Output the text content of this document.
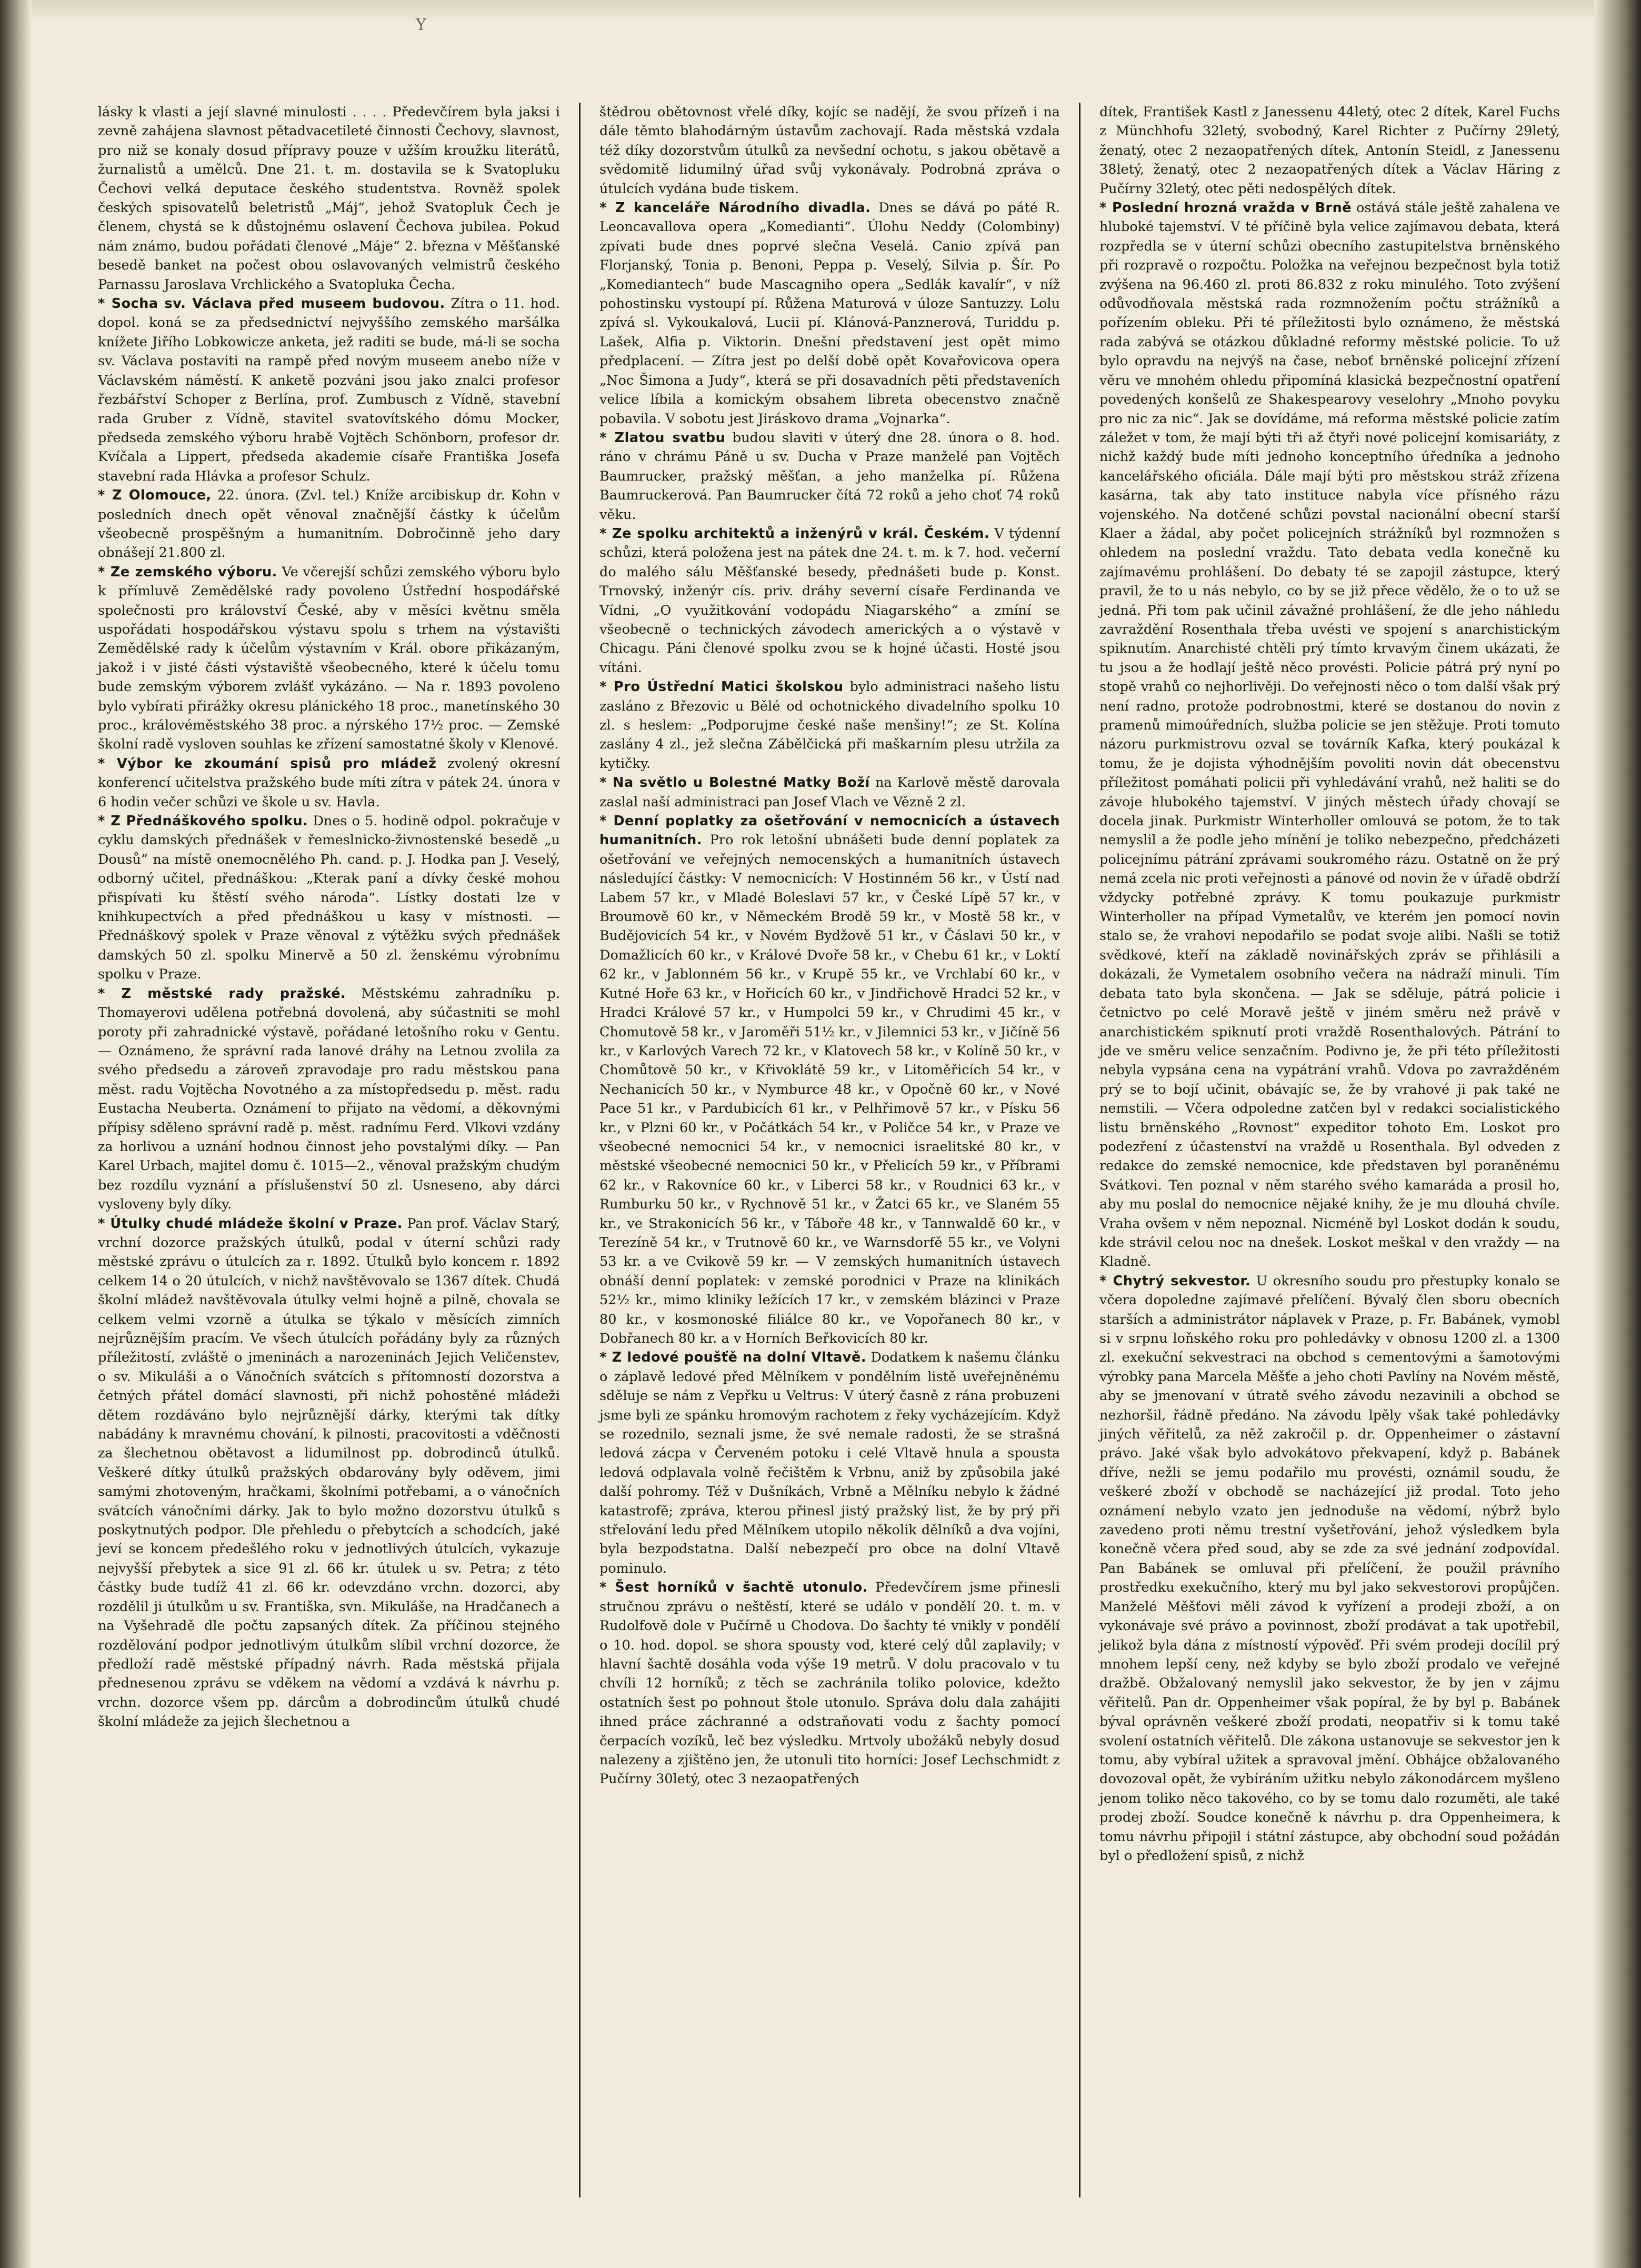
Y

lásky k vlasti a její slavné minulosti . . . . Předevčírem byla jaksi i zevně zahájena slavnost pětadvacetileté činnosti Čechovy, slavnost, pro niž se konaly dosud přípravy pouze v užším kroužku literátů, žurnalistů a umělců. Dne 21. t. m. dostavila se k Svatopluku Čechovi velká deputace českého studentstva. Rovněž spolek českých spisovatelů beletristů „Máj“, jehož Svatopluk Čech je členem, chystá se k důstojnému oslavení Čechova jubilea. Pokud nám známo, budou pořádati členové „Máje“ 2. března v Měšťanské besedě banket na počest obou oslavovaných velmistrů českého Parnassu Jaroslava Vrchlického a Svatopluka Čecha.

* Socha sv. Václava před museem budovou. Zítra o 11. hod. dopol. koná se za předsednictví nejvyššího zemského maršálka knížete Jiřího Lobkowicze anketa, jež raditi se bude, má-li se socha sv. Václava postaviti na rampě před novým museem anebo níže v Václavském náměstí. K anketě pozváni jsou jako znalci profesor řezbářství Schoper z Berlína, prof. Zumbusch z Vídně, stavební rada Gruber z Vídně, stavitel svatovítského dómu Mocker, předseda zemského výboru hrabě Vojtěch Schönborn, profesor dr. Kvíčala a Lippert, předseda akademie císaře Františka Josefa stavební rada Hlávka a profesor Schulz.

* Z Olomouce, 22. února. (Zvl. tel.) Kníže arcibiskup dr. Kohn v posledních dnech opět věnoval značnější částky k účelům všeobecně prospěšným a humanitním. Dobročinně jeho dary obnášejí 21.800 zl.

* Ze zemského výboru. Ve včerejší schůzi zemského výboru bylo k přímluvě Zemědělské rady povoleno Ústřední hospodářské společnosti pro království České, aby v měsíci květnu směla uspořádati hospodářskou výstavu spolu s trhem na výstavišti Zemědělské rady k účelům výstavním v Král. obore přikázaným, jakož i v jisté části výstaviště všeobecného, které k účelu tomu bude zemským výborem zvlášť vykázáno. — Na r. 1893 povoleno bylo vybírati přirážky okresu plánického 18 proc., manetínského 30 proc., královéměstského 38 proc. a nýrského 17½ proc. — Zemské školní radě vysloven souhlas ke zřízení samostatné školy v Klenové.

* Výbor ke zkoumání spisů pro mládež zvolený okresní konferencí učitelstva pražského bude míti zítra v pátek 24. února v 6 hodin večer schůzi ve škole u sv. Havla.

* Z Přednáškového spolku. Dnes o 5. hodině odpol. pokračuje v cyklu damských přednášek v řemeslnicko-živnostenské besedě „u Dousů“ na místě onemocnělého Ph. cand. p. J. Hodka pan J. Veselý, odborný učitel, přednáškou: „Kterak paní a dívky české mohou přispívati ku štěstí svého národa“. Lístky dostati lze v knihkupectvích a před přednáškou u kasy v místnosti. — Přednáškový spolek v Praze věnoval z výtěžku svých přednášek damských 50 zl. spolku Minervě a 50 zl. ženskému výrobnímu spolku v Praze.

* Z městské rady pražské. Městskému zahradníku p. Thomayerovi udělena potřebná dovolená, aby súčastniti se mohl poroty při zahradnické výstavě, pořádané letošního roku v Gentu. — Oznámeno, že správní rada lanové dráhy na Letnou zvolila za svého předsedu a zároveň zpravodaje pro radu městskou pana měst. radu Vojtěcha Novotného a za místopředsedu p. měst. radu Eustacha Neuberta. Oznámení to přijato na vědomí, a děkovnými přípisy sděleno správní radě p. měst. radnímu Ferd. Vlkovi vzdány za horlivou a uznání hodnou činnost jeho povstalými díky. — Pan Karel Urbach, majitel domu č. 1015—2., věnoval pražským chudým bez rozdílu vyznání a příslušenství 50 zl. Usneseno, aby dárci vysloveny byly díky.

* Útulky chudé mládeže školní v Praze. Pan prof. Václav Starý, vrchní dozorce pražských útulků, podal v úterní schůzi rady městské zprávu o útulcích za r. 1892. Útulků bylo koncem r. 1892 celkem 14 o 20 útulcích, v nichž navštěvovalo se 1367 dítek. Chudá školní mládež navštěvovala útulky velmi hojně a pilně, chovala se celkem velmi vzorně a útulka se týkalo v měsících zimních nejrůznějším pracím. Ve všech útulcích pořádány byly za různých příležitostí, zvláště o jmeninách a narozeninách Jejich Veličenstev, o sv. Mikuláši a o Vánočních svátcích s přítomností dozorstva a četných přátel domácí slavnosti, při nichž pohostěné mládeži dětem rozdáváno bylo nejrůznější dárky, kterými tak dítky nabádány k mravnému chování, k pilnosti, pracovitosti a vděčnosti za šlechetnou obětavost a lidumilnost pp. dobrodinců útulků. Veškeré dítky útulků pražských obdarovány byly oděvem, jimi samými zhotoveným, hračkami, školními potřebami, a o vánočních svátcích vánočními dárky. Jak to bylo možno dozorstvu útulků s poskytnutých podpor. Dle přehledu o přebytcích a schodcích, jaké jeví se koncem předešlého roku v jednotlivých útulcích, vykazuje nejvyšší přebytek a sice 91 zl. 66 kr. útulek u sv. Petra; z této částky bude tudíž 41 zl. 66 kr. odevzdáno vrchn. dozorci, aby rozdělil ji útulkům u sv. Františka, svn. Mikuláše, na Hradčanech a na Vyšehradě dle počtu zapsaných dítek. Za příčinou stejného rozdělování podpor jednotlivým útulkům slíbil vrchní dozorce, že předloží radě městské případný návrh. Rada městská přijala přednesenou zprávu se vděkem na vědomí a vzdává k návrhu p. vrchn. dozorce všem pp. dárcům a dobrodincům útulků chudé školní mládeže za jejich šlechetnou a

štědrou obětovnost vřelé díky, kojíc se nadějí, že svou přízeň i na dále těmto blahodárným ústavům zachovají. Rada městská vzdala též díky dozorstvům útulků za nevšední ochotu, s jakou obětavě a svědomitě lidumilný úřad svůj vykonávaly. Podrobná zpráva o útulcích vydána bude tiskem.

* Z kanceláře Národního divadla. Dnes se dává po páté R. Leoncavallova opera „Komedianti“. Úlohu Neddy (Colombiny) zpívati bude dnes poprvé slečna Veselá. Canio zpívá pan Florjanský, Tonia p. Benoni, Peppa p. Veselý, Silvia p. Šír. Po „Komediantech“ bude Mascagniho opera „Sedlák kavalír“, v níž pohostinsku vystoupí pí. Růžena Maturová v úloze Santuzzy. Lolu zpívá sl. Vykoukalová, Lucii pí. Klánová-Panznerová, Turiddu p. Lašek, Alfia p. Viktorin. Dnešní představení jest opět mimo předplacení. — Zítra jest po delší době opět Kovařovicova opera „Noc Šimona a Judy“, která se při dosavadních pěti představeních velice líbila a komickým obsahem libreta obecenstvo značně pobavila. V sobotu jest Jiráskovo drama „Vojnarka“.

* Zlatou svatbu budou slaviti v úterý dne 28. února o 8. hod. ráno v chrámu Páně u sv. Ducha v Praze manželé pan Vojtěch Baumrucker, pražský měšťan, a jeho manželka pí. Růžena Baumruckerová. Pan Baumrucker čítá 72 roků a jeho choť 74 roků věku.

* Ze spolku architektů a inženýrů v král. Českém. V týdenní schůzi, která položena jest na pátek dne 24. t. m. k 7. hod. večerní do malého sálu Měšťanské besedy, přednášeti bude p. Konst. Trnovský, inženýr cís. priv. dráhy severní císaře Ferdinanda ve Vídni, „O využitkování vodopádu Niagarského“ a zmíní se všeobecně o technických závodech amerických a o výstavě v Chicagu. Páni členové spolku zvou se k hojné účasti. Hosté jsou vítáni.

* Pro Ústřední Matici školskou bylo administraci našeho listu zasláno z Březovic u Bělé od ochotnického divadelního spolku 10 zl. s heslem: „Podporujme české naše menšiny!“; ze St. Kolína zaslány 4 zl., jež slečna Zábělčická při maškarním plesu utržila za kytičky.

* Na světlo u Bolestné Matky Boží na Karlově městě darovala zaslal naší administraci pan Josef Vlach ve Vězně 2 zl.

* Denní poplatky za ošetřování v nemocnicích a ústavech humanitních. Pro rok letošní ubnášeti bude denní poplatek za ošetřování ve veřejných nemocenských a humanitních ústavech následující částky: V nemocnicích: V Hostinném 56 kr., v Ústí nad Labem 57 kr., v Mladé Boleslavi 57 kr., v České Lípě 57 kr., v Broumově 60 kr., v Německém Brodě 59 kr., v Mostě 58 kr., v Budějovicích 54 kr., v Novém Bydžově 51 kr., v Čáslavi 50 kr., v Domažlicích 60 kr., v Králové Dvoře 58 kr., v Chebu 61 kr., v Loktí 62 kr., v Jablonném 56 kr., v Krupě 55 kr., ve Vrchlabí 60 kr., v Kutné Hoře 63 kr., v Hořicích 60 kr., v Jindřichově Hradci 52 kr., v Hradci Králové 57 kr., v Humpolci 59 kr., v Chrudimi 45 kr., v Chomutově 58 kr., v Jaroměři 51½ kr., v Jilemnici 53 kr., v Jičíně 56 kr., v Karlových Varech 72 kr., v Klatovech 58 kr., v Kolíně 50 kr., v Chomůtově 50 kr., v Křivoklátě 59 kr., v Litoměřicích 54 kr., v Nechanicích 50 kr., v Nymburce 48 kr., v Opočně 60 kr., v Nové Pace 51 kr., v Pardubicích 61 kr., v Pelhřimově 57 kr., v Písku 56 kr., v Plzni 60 kr., v Počátkách 54 kr., v Poličce 54 kr., v Praze ve všeobecné nemocnici 54 kr., v nemocnici israelitské 80 kr., v městské všeobecné nemocnici 50 kr., v Přelicích 59 kr., v Příbrami 62 kr., v Rakovníce 60 kr., v Liberci 58 kr., v Roudnici 63 kr., v Rumburku 50 kr., v Rychnově 51 kr., v Žatci 65 kr., ve Slaném 55 kr., ve Strakonicích 56 kr., v Táboře 48 kr., v Tannwaldě 60 kr., v Terezíně 54 kr., v Trutnově 60 kr., ve Warnsdorfě 55 kr., ve Volyni 53 kr. a ve Cvikově 59 kr. — V zemských humanitních ústavech obnáší denní poplatek: v zemské porodnici v Praze na klinikách 52½ kr., mimo kliniky ležících 17 kr., v zemském blázinci v Praze 80 kr., v kosmonoské filiálce 80 kr., ve Vopořanech 80 kr., v Dobřanech 80 kr. a v Horních Beřkovicích 80 kr.

* Z ledové poušťě na dolní Vltavě. Dodatkem k našemu článku o záplavě ledové před Mělníkem v pondělním listě uveřejněnému sděluje se nám z Vepřku u Veltrus: V úterý časně z rána probuzeni jsme byli ze spánku hromovým rachotem z řeky vycházejícím. Když se rozednilo, seznali jsme, že své nemale radosti, že se strašná ledová zácpa v Červeném potoku i celé Vltavě hnula a spousta ledová odplavala volně řečištěm k Vrbnu, aniž by způsobila jaké další pohromy. Též v Dušníkách, Vrbně a Mělníku nebylo k žádné katastrofě; zpráva, kterou přinesl jistý pražský list, že by prý při střelování ledu před Mělníkem utopilo několik dělníků a dva vojíni, byla bezpodstatna. Další nebezpečí pro obce na dolní Vltavě pominulo.

* Šest horníků v šachtě utonulo. Předevčírem jsme přinesli stručnou zprávu o neštěstí, které se událo v pondělí 20. t. m. v Rudolfově dole v Pučírně u Chodova. Do šachty té vnikly v pondělí o 10. hod. dopol. se shora spousty vod, které celý důl zaplavily; v hlavní šachtě dosáhla voda výše 19 metrů. V dolu pracovalo v tu chvíli 12 horníků; z těch se zachránila toliko polovice, kdežto ostatních šest po pohnout štole utonulo. Správa dolu dala zahájiti ihned práce záchranné a odstraňovati vodu z šachty pomocí čerpacích vozíků, leč bez výsledku. Mrtvoly ubožáků nebyly dosud nalezeny a zjištěno jen, že utonuli tito horníci: Josef Lechschmidt z Pučírny 30letý, otec 3 nezaopatřených

dítek, František Kastl z Janessenu 44letý, otec 2 dítek, Karel Fuchs z Münchhofu 32letý, svobodný, Karel Richter z Pučírny 29letý, ženatý, otec 2 nezaopatřených dítek, Antonín Steidl, z Janessenu 38letý, ženatý, otec 2 nezaopatřených dítek a Václav Häring z Pučírny 32letý, otec pěti nedospělých dítek.

* Poslední hrozná vražda v Brně ostává stále ještě zahalena ve hluboké tajemství. V té příčině byla velice zajímavou debata, která rozpředla se v úterní schůzi obecního zastupitelstva brněnského při rozpravě o rozpočtu. Položka na veřejnou bezpečnost byla totiž zvýšena na 96.460 zl. proti 86.832 z roku minulého. Toto zvýšení odůvodňovala městská rada rozmnožením počtu strážníků a pořízením obleku. Při té příležitosti bylo oznámeno, že městská rada zabývá se otázkou důkladné reformy městské policie. To už bylo opravdu na nejvýš na čase, neboť brněnské policejní zřízení věru ve mnohém ohledu připomíná klasická bezpečnostní opatření povedených konšelů ze Shakespearovy veselohry „Mnoho povyku pro nic za nic“. Jak se dovídáme, má reforma městské policie zatím záležet v tom, že mají býti tři až čtyři nové policejní komisariáty, z nichž každý bude míti jednoho konceptního úředníka a jednoho kancelářského oficiála. Dále mají býti pro městskou stráž zřízena kasárna, tak aby tato instituce nabyla více přísného rázu vojenského. Na dotčené schůzi povstal nacionální obecní starší Klaer a žádal, aby počet policejních strážníků byl rozmnožen s ohledem na poslední vraždu. Tato debata vedla konečně ku zajímavému prohlášení. Do debaty té se zapojil zástupce, který pravil, že to u nás nebylo, co by se již přece vědělo, že o to už se jedná. Při tom pak učinil závažné prohlášení, že dle jeho náhledu zavraždění Rosenthala třeba uvésti ve spojení s anarchistickým spiknutím. Anarchisté chtěli prý tímto krvavým činem ukázati, že tu jsou a že hodlají ještě něco provésti. Policie pátrá prý nyní po stopě vrahů co nejhorlivěji. Do veřejnosti něco o tom další však prý není radno, protože podrobnostmi, které se dostanou do novin z pramenů mimoúředních, služba policie se jen stěžuje. Proti tomuto názoru purkmistrovu ozval se továrník Kafka, který poukázal k tomu, že je dojista výhodnějším povoliti novin dát obecenstvu příležitost pomáhati policii při vyhledávání vrahů, než haliti se do závoje hlubokého tajemství. V jiných městech úřady chovají se docela jinak. Purkmistr Winterholler omlouvá se potom, že to tak nemyslil a že podle jeho mínění je toliko nebezpečno, předcházeti policejnímu pátrání zprávami soukromého rázu. Ostatně on že prý nemá zcela nic proti veřejnosti a pánové od novin že v úřadě obdrží vždycky potřebné zprávy. K tomu poukazuje purkmistr Winterholler na případ Vymetalův, ve kterém jen pomocí novin stalo se, že vrahovi nepodařilo se podat svoje alibi. Našli se totiž svědkové, kteří na základě novinářských zpráv se přihlásili a dokázali, že Vymetalem osobního večera na nádraží minuli. Tím debata tato byla skončena. — Jak se sděluje, pátrá policie i četnictvo po celé Moravě ještě v jiném směru než právě v anarchistickém spiknutí proti vraždě Rosenthalových. Pátrání to jde ve směru velice senzačním. Podivno je, že při této příležitosti nebyla vypsána cena na vypátrání vrahů. Vdova po zavražděném prý se to bojí učinit, obávajíc se, že by vrahové ji pak také ne nemstili. — Včera odpoledne zatčen byl v redakci socialistického listu brněnského „Rovnost“ expeditor tohoto Em. Loskot pro podezření z účastenství na vraždě u Rosenthala. Byl odveden z redakce do zemské nemocnice, kde představen byl poraněnému Svátkovi. Ten poznal v něm starého svého kamaráda a prosil ho, aby mu poslal do nemocnice nějaké knihy, že je mu dlouhá chvíle. Vraha ovšem v něm nepoznal. Nicméně byl Loskot dodán k soudu, kde strávil celou noc na dnešek. Loskot meškal v den vraždy — na Kladně.

* Chytrý sekvestor. U okresního soudu pro přestupky konalo se včera dopoledne zajímavé přelíčení. Bývalý člen sboru obecních starších a administrátor náplavek v Praze, p. Fr. Babánek, vymobl si v srpnu loňského roku pro pohledávky v obnosu 1200 zl. a 1300 zl. exekuční sekvestraci na obchod s cementovými a šamotovými výrobky pana Marcela Měšťe a jeho choti Pavlíny na Novém městě, aby se jmenovaní v útratě svého závodu nezavinili a obchod se nezhoršil, řádně předáno. Na závodu lpěly však také pohledávky jiných věřitelů, za něž zakročil p. dr. Oppenheimer o zástavní právo. Jaké však bylo advokátovo překvapení, když p. Babánek dříve, nežli se jemu podařilo mu provésti, oznámil soudu, že veškeré zboží v obchodě se nacházející již prodal. Toto jeho oznámení nebylo vzato jen jednoduše na vědomí, nýbrž bylo zavedeno proti němu trestní vyšetřování, jehož výsledkem byla konečně včera před soud, aby se zde za své jednání zodpovídal. Pan Babánek se omluval při přelíčení, že použil právního prostředku exekučního, který mu byl jako sekvestorovi propůjčen. Manželé Měšťovi měli závod k vyřízení a prodeji zboží, a on vykonávaje své právo a povinnost, zboží prodávat a tak upotřebil, jelikož byla dána z místností výpověď. Při svém prodeji docílil prý mnohem lepší ceny, než kdyby se bylo zboží prodalo ve veřejné dražbě. Obžalovaný nemyslil jako sekvestor, že by jen v zájmu věřitelů. Pan dr. Oppenheimer však popíral, že by byl p. Babánek býval oprávněn veškeré zboží prodati, neopatřiv si k tomu také svolení ostatních věřitelů. Dle zákona ustanovuje se sekvestor jen k tomu, aby vybíral užitek a spravoval jmění. Obhájce obžalovaného dovozoval opět, že vybíráním užitku nebylo zákonodárcem myšleno jenom toliko něco takového, co by se tomu dalo rozuměti, ale také prodej zboží. Soudce konečně k návrhu p. dra Oppenheimera, k tomu návrhu připojil i státní zástupce, aby obchodní soud požádán byl o předložení spisů, z nichž
